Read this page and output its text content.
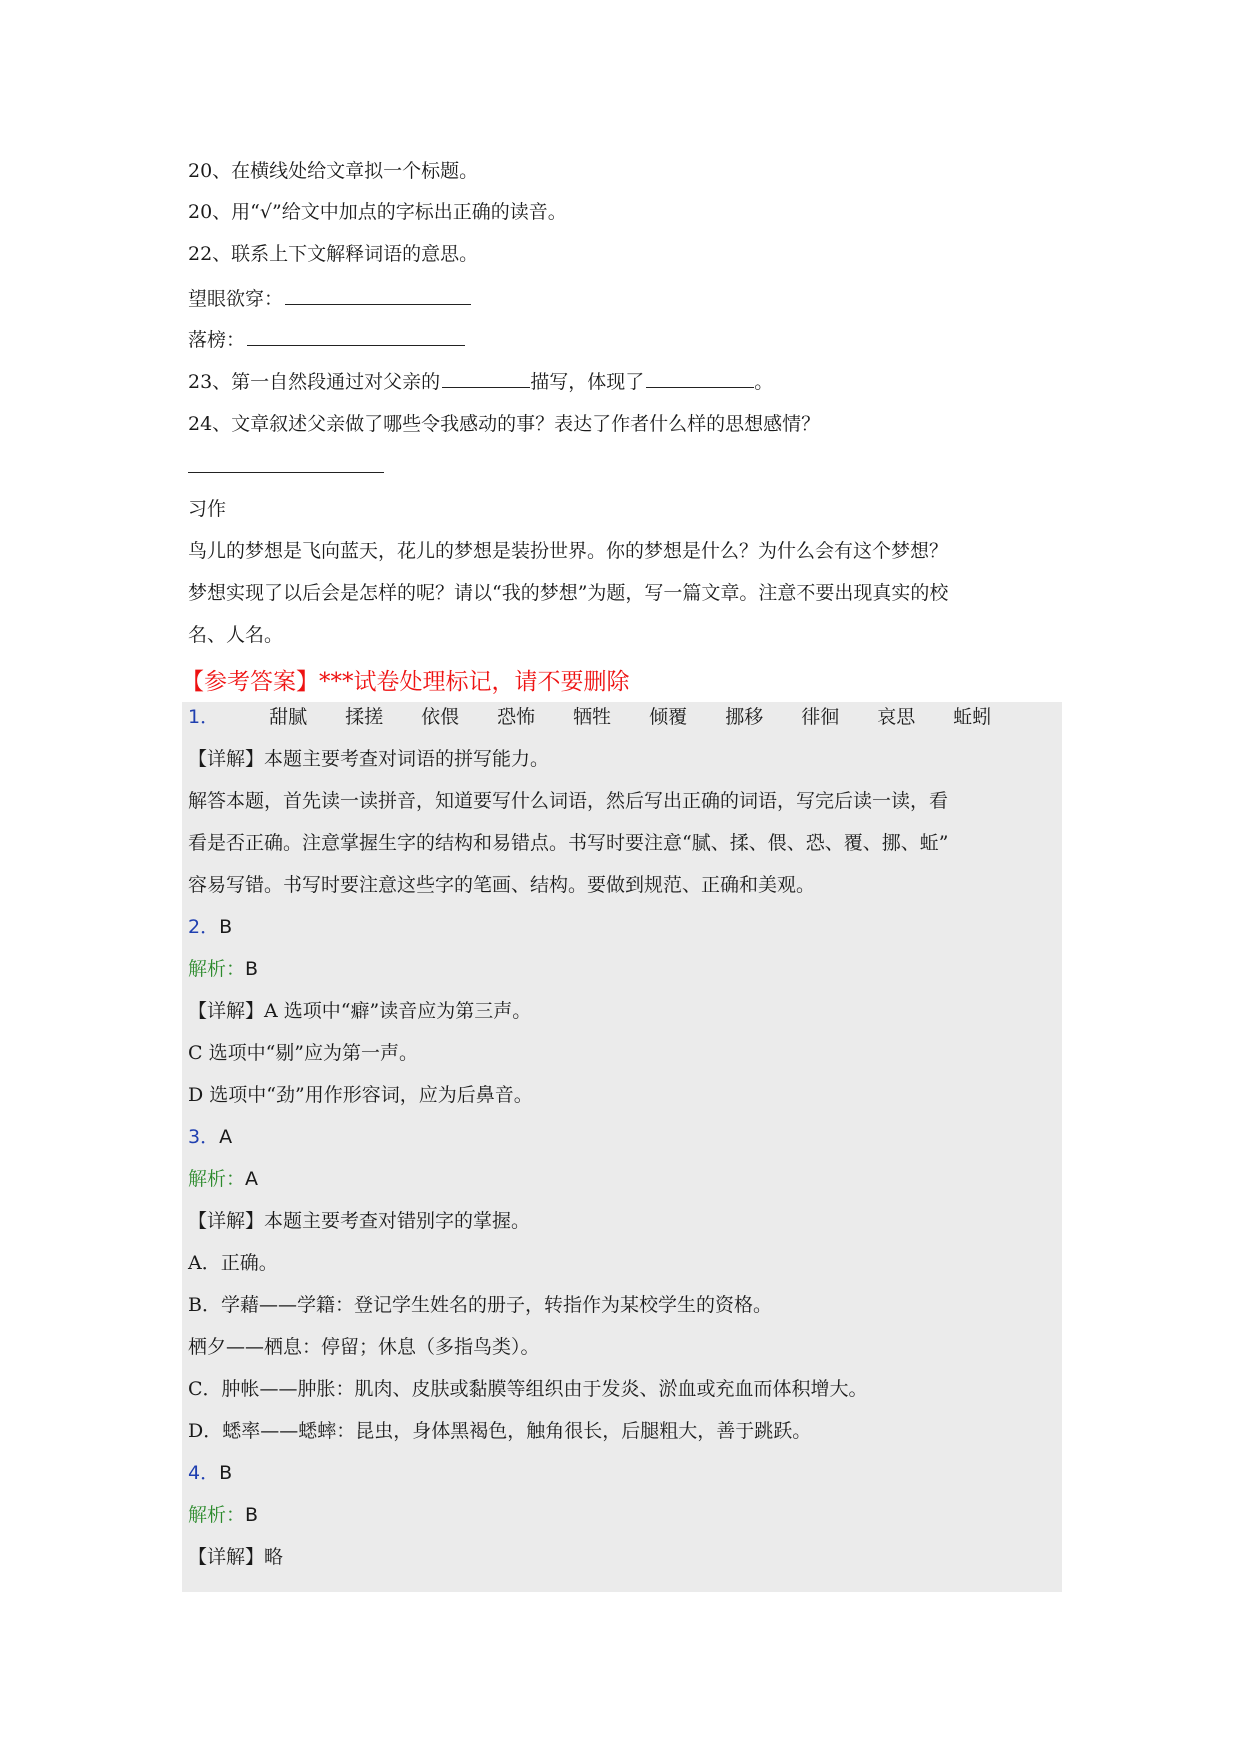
20、在横线处给文章拟一个标题。
20、用“√”给文中加点的字标出正确的读音。
22、联系上下文解释词语的意思。
望眼欲穿：
落榜：
23、第一自然段通过对父亲的	描写，体现了	。
24、文章叙述父亲做了哪些令我感动的事？表达了作者什么样的思想感情？
习作
鸟儿的梦想是飞向蓝天，花儿的梦想是装扮世界。你的梦想是什么？为什么会有这个梦想？
梦想实现了以后会是怎样的呢？请以“我的梦想”为题，写一篇文章。注意不要出现真实的校
名、人名。
【参考答案】***试卷处理标记，请不要删除
1．	甜腻 揉搓 依偎 恐怖 牺牲 倾覆 挪移 徘徊 哀思 蚯蚓
【详解】本题主要考查对词语的拼写能力。
解答本题，首先读一读拼音，知道要写什么词语，然后写出正确的词语，写完后读一读，看
看是否正确。注意掌握生字的结构和易错点。书写时要注意“腻、揉、偎、恐、覆、挪、蚯”
容易写错。书写时要注意这些字的笔画、结构。要做到规范、正确和美观。
2．B
解析：B
【详解】A 选项中“癖”读音应为第三声。
C 选项中“剔”应为第一声。
D 选项中“劲”用作形容词，应为后鼻音。
3．A
解析：A
【详解】本题主要考查对错别字的掌握。
A．正确。
B．学藉——学籍：登记学生姓名的册子，转指作为某校学生的资格。
栖夕——栖息：停留；休息（多指鸟类）。
C．肿帐——肿胀：肌肉、皮肤或黏膜等组织由于发炎、淤血或充血而体积增大。
D．蟋率——蟋蟀：昆虫，身体黑褐色，触角很长，后腿粗大，善于跳跃。
4．B
解析：B
【详解】略
